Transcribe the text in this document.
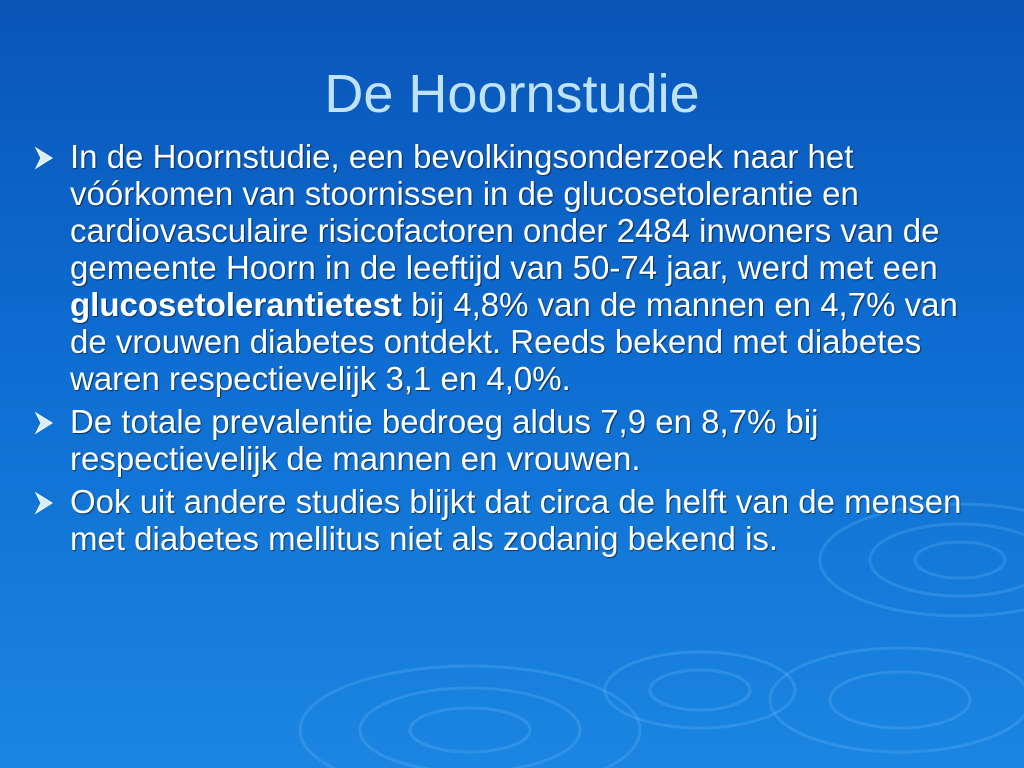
De Hoornstudie
In de Hoornstudie, een bevolkingsonderzoek naar het vóórkomen van stoornissen in de glucosetolerantie en cardiovasculaire risicofactoren onder 2484 inwoners van de gemeente Hoorn in de leeftijd van 50-74 jaar, werd met een glucosetolerantietest bij 4,8% van de mannen en 4,7% van de vrouwen diabetes ontdekt. Reeds bekend met diabetes waren respectievelijk 3,1 en 4,0%.
De totale prevalentie bedroeg aldus 7,9 en 8,7% bij respectievelijk de mannen en vrouwen.
Ook uit andere studies blijkt dat circa de helft van de mensen met diabetes mellitus niet als zodanig bekend is.
